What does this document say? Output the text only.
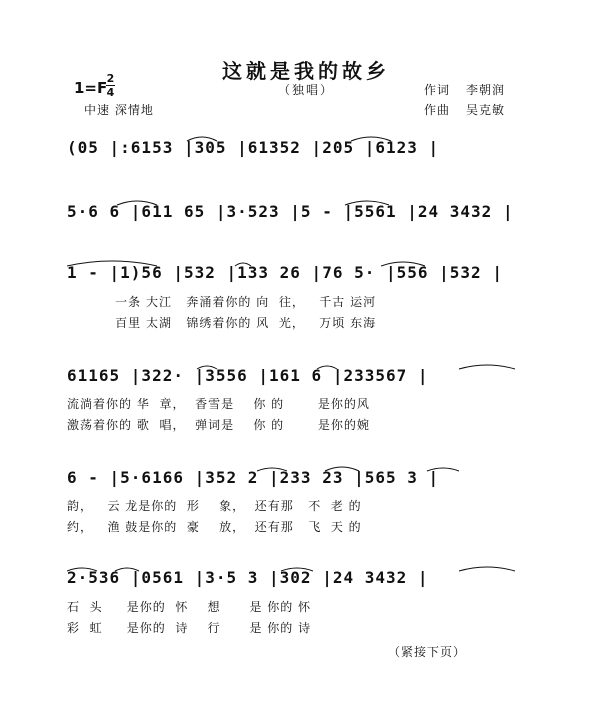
这就是我的故乡
（独唱）
1=F
2
4
中速 深情地
作词 李朝润
作曲 吴克敏
(05 |:6153 |305 |61352 |205 |6123 |
5·6 6 |611 65 |3·523 |5 - |5561 |24 3432 |
1 - |1)56 |532 |133 26 |76 5· |556 |532 |
一条 大江   奔涌着你的 向  往，   千古 运河
百里 太湖   锦绣着你的 风  光，   万顷 东海
61165 |322· |3556 |161 6 |233567 |
流淌着你的 华  章，  香雪是    你 的       是你的风
激荡着你的 歌  唱，  弹词是    你 的       是你的婉
6 - |5·6166 |352 2 |233 23 |565 3 |
韵，   云 龙是你的  形    象，  还有那   不  老 的
约，   渔 鼓是你的  豪    放，  还有那   飞  天 的
2·536 |0561 |3·5 3 |302 |24 3432 |
石  头     是你的  怀    想      是 你的 怀
彩  虹     是你的  诗    行      是 你的 诗
（紧接下页）
